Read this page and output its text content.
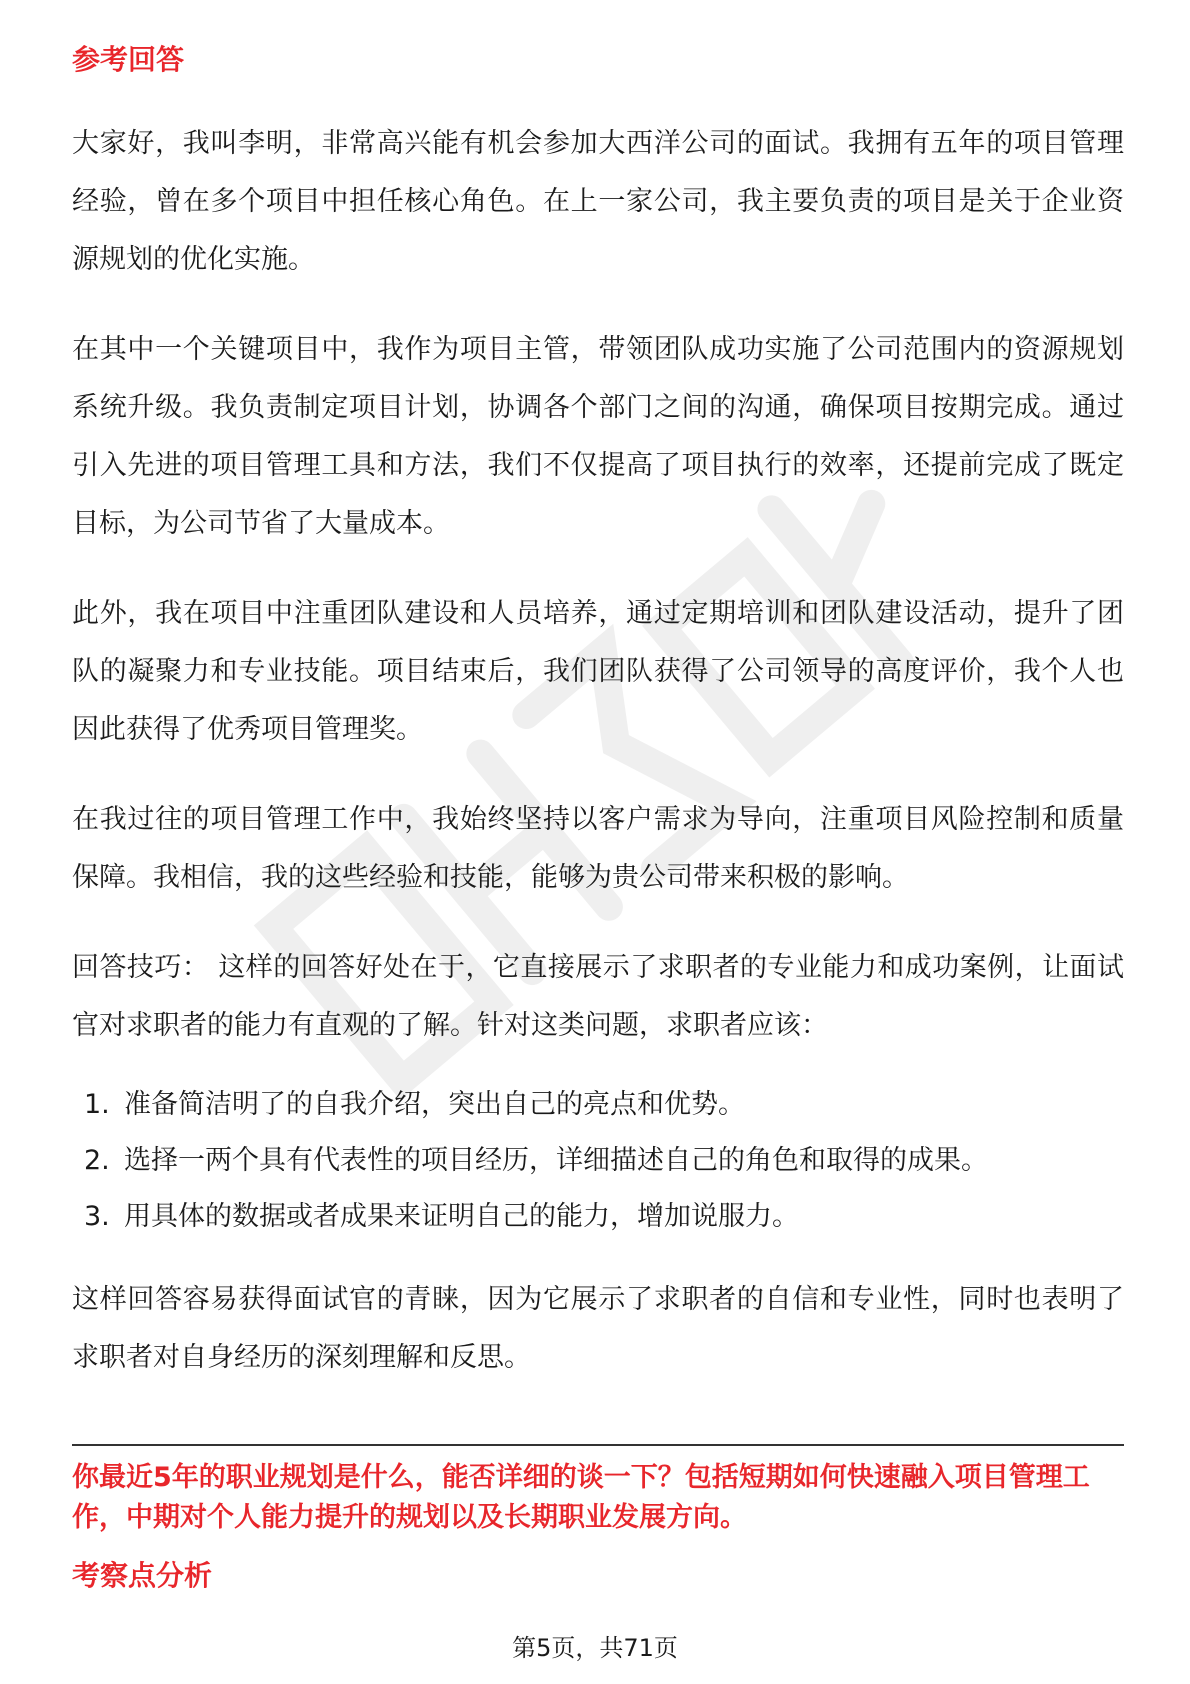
参考回答

大家好，我叫李明，非常高兴能有机会参加大西洋公司的面试。我拥有五年的项目管理经验，曾在多个项目中担任核心角色。在上一家公司，我主要负责的项目是关于企业资源规划的优化实施。

在其中一个关键项目中，我作为项目主管，带领团队成功实施了公司范围内的资源规划系统升级。我负责制定项目计划，协调各个部门之间的沟通，确保项目按期完成。通过引入先进的项目管理工具和方法，我们不仅提高了项目执行的效率，还提前完成了既定目标，为公司节省了大量成本。

此外，我在项目中注重团队建设和人员培养，通过定期培训和团队建设活动，提升了团队的凝聚力和专业技能。项目结束后，我们团队获得了公司领导的高度评价，我个人也因此获得了优秀项目管理奖。

在我过往的项目管理工作中，我始终坚持以客户需求为导向，注重项目风险控制和质量保障。我相信，我的这些经验和技能，能够为贵公司带来积极的影响。

回答技巧： 这样的回答好处在于，它直接展示了求职者的专业能力和成功案例，让面试官对求职者的能力有直观的了解。针对这类问题，求职者应该：

1. 准备简洁明了的自我介绍，突出自己的亮点和优势。
2. 选择一两个具有代表性的项目经历，详细描述自己的角色和取得的成果。
3. 用具体的数据或者成果来证明自己的能力，增加说服力。

这样回答容易获得面试官的青睐，因为它展示了求职者的自信和专业性，同时也表明了求职者对自身经历的深刻理解和反思。

你最近5年的职业规划是什么，能否详细的谈一下？包括短期如何快速融入项目管理工作，中期对个人能力提升的规划以及长期职业发展方向。

考察点分析
第5页，共71页
